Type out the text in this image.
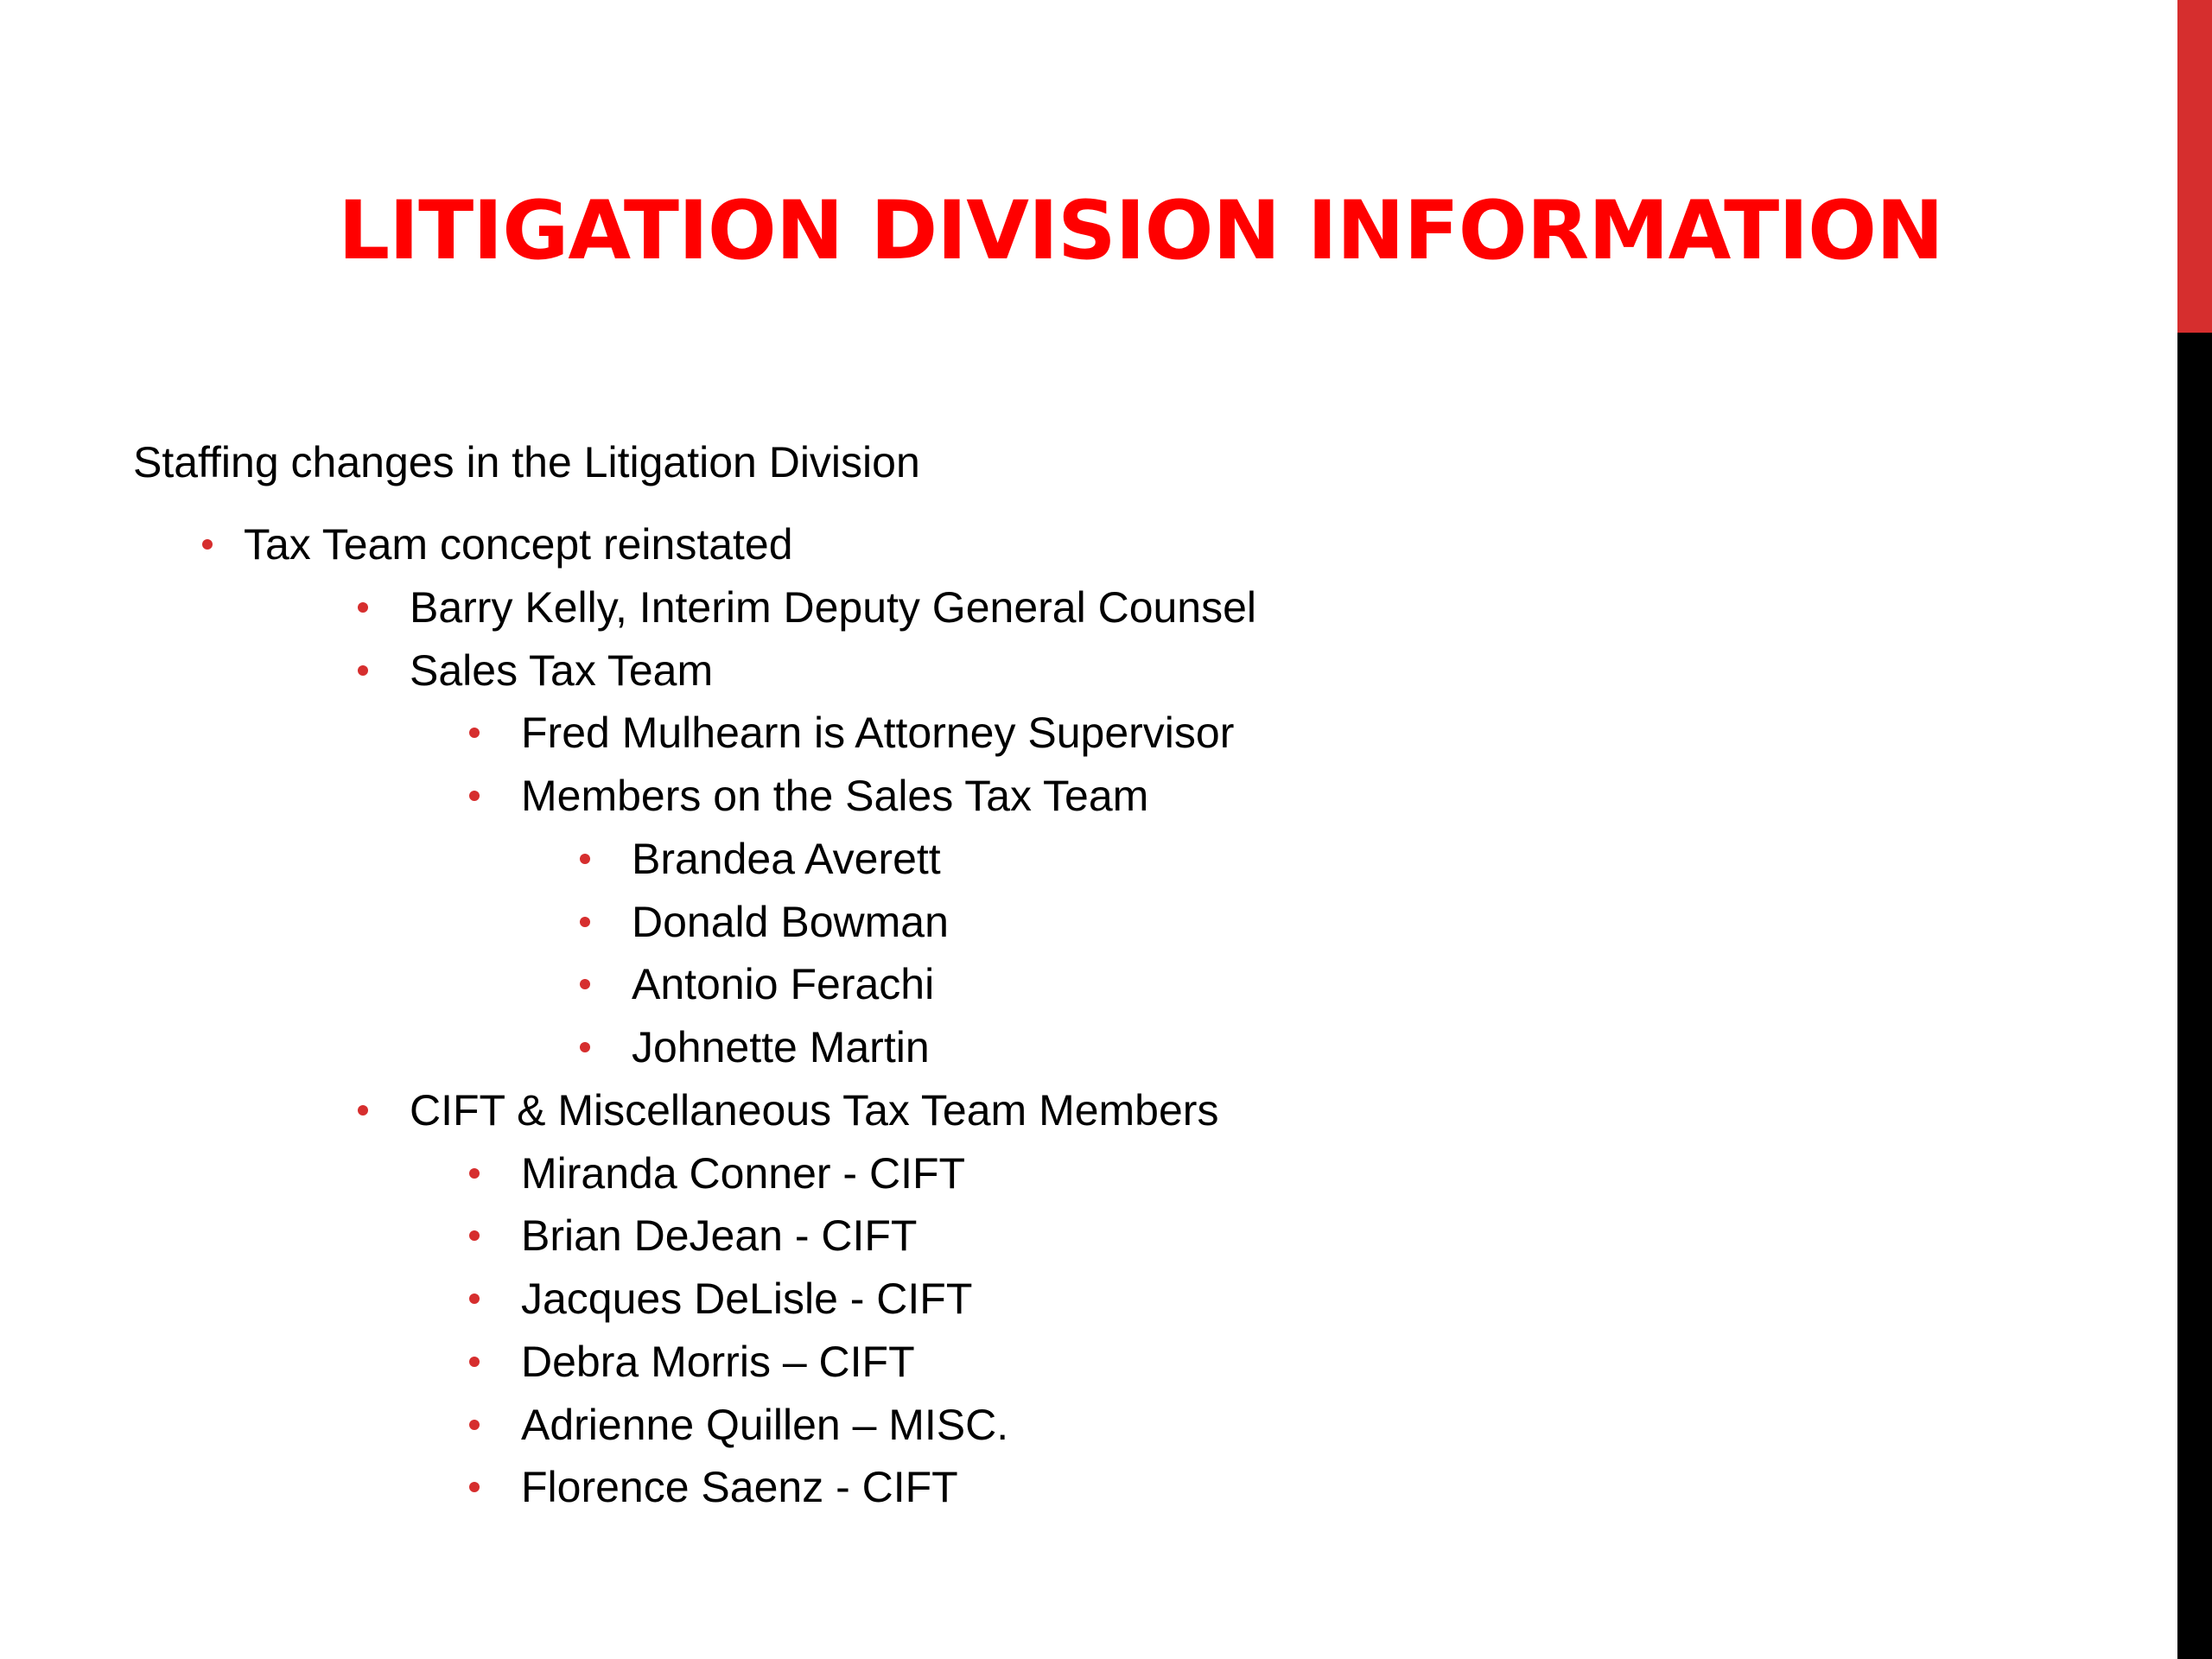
LITIGATION DIVISION INFORMATION

Staffing changes in the Litigation Division

Tax Team concept reinstated
Barry Kelly, Interim Deputy General Counsel
Sales Tax Team
Fred Mulhearn is Attorney Supervisor
Members on the Sales Tax Team
Brandea Averett
Donald Bowman
Antonio Ferachi
Johnette Martin
CIFT & Miscellaneous Tax Team Members
Miranda Conner - CIFT
Brian DeJean - CIFT
Jacques DeLisle - CIFT
Debra Morris – CIFT
Adrienne Quillen – MISC.
Florence Saenz - CIFT
